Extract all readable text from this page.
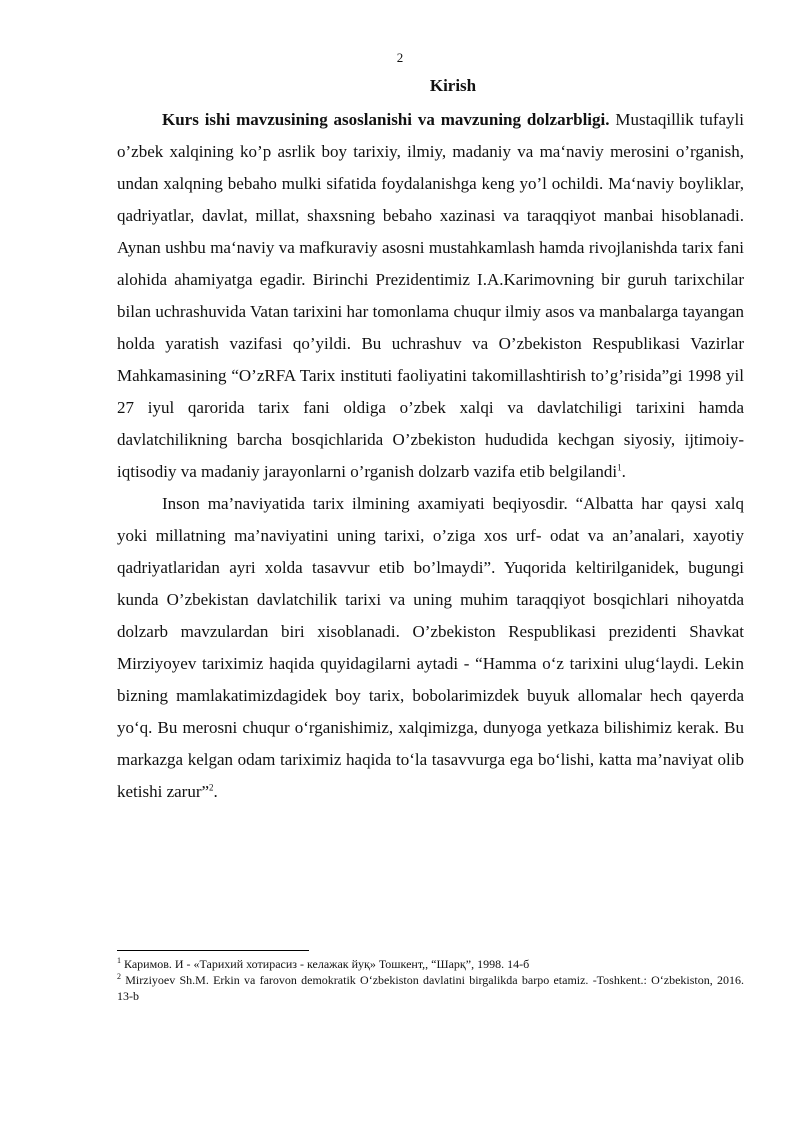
2
Kirish

Kurs ishi mavzusining asoslanishi va mavzuning dolzarbligi. Mustaqillik tufayli o’zbek xalqining ko’p asrlik boy tarixiy, ilmiy, madaniy va ma‘naviy merosini o’rganish, undan xalqning bebaho mulki sifatida foydalanishga keng yo’l ochildi. Ma‘naviy boyliklar, qadriyatlar, davlat, millat, shaxsning bebaho xazinasi va taraqqiyot manbai hisoblanadi. Aynan ushbu ma‘naviy va mafkuraviy asosni mustahkamlash hamda rivojlanishda tarix fani alohida ahamiyatga egadir. Birinchi Prezidentimiz I.A.Karimovning bir guruh tarixchilar bilan uchrashuvida Vatan tarixini har tomonlama chuqur ilmiy asos va manbalarga tayangan holda yaratish vazifasi qo’yildi. Bu uchrashuv va O’zbekiston Respublikasi Vazirlar Mahkamasining “O’zRFA Tarix instituti faoliyatini takomillashtirish to’g’risida”gi 1998 yil 27 iyul qarorida tarix fani oldiga o’zbek xalqi va davlatchiligi tarixini hamda davlatchilikning barcha bosqichlarida O’zbekiston hududida kechgan siyosiy, ijtimoiy-iqtisodiy va madaniy jarayonlarni o’rganish dolzarb vazifa etib belgilandi$^1$.

Inson ma’naviyatida tarix ilmining axamiyati beqiyosdir. “Albatta har qaysi xalq yoki millatning ma’naviyatini uning tarixi, o’ziga xos urf- odat va an’analari, xayotiy qadriyatlaridan ayri xolda tasavvur etib bo’lmaydi”. Yuqorida keltirilganidek, bugungi kunda O’zbekistan davlatchilik tarixi va uning muhim taraqqiyot bosqichlari nihoyatda dolzarb mavzulardan biri xisoblanadi. O’zbekiston Respublikasi prezidenti Shavkat Mirziyoyev tariximiz haqida quyidagilarni aytadi - “Hamma o‘z tarixini ulug‘laydi. Lekin bizning mamlakatimizdagidek boy tarix, bobolarimizdek buyuk allomalar hech qayerda yo‘q. Bu merosni chuqur o‘rganishimiz, xalqimizga, dunyoga yetkaza bilishimiz kerak. Bu markazga kelgan odam tariximiz haqida to‘la tasavvurga ega bo‘lishi, katta ma’naviyat olib ketishi zarur”$^2$.

$^1$ Каримов. И - «Тарихий хотирасиз - келажак йуқ» Тошкент,, “Шарқ”, 1998. 14-б

$^2$ Mirziyoev Sh.M. Erkin va farovon demokratik O‘zbekiston davlatini birgalikda barpo etamiz. -Toshkent.: O‘zbekiston, 2016. 13-b
